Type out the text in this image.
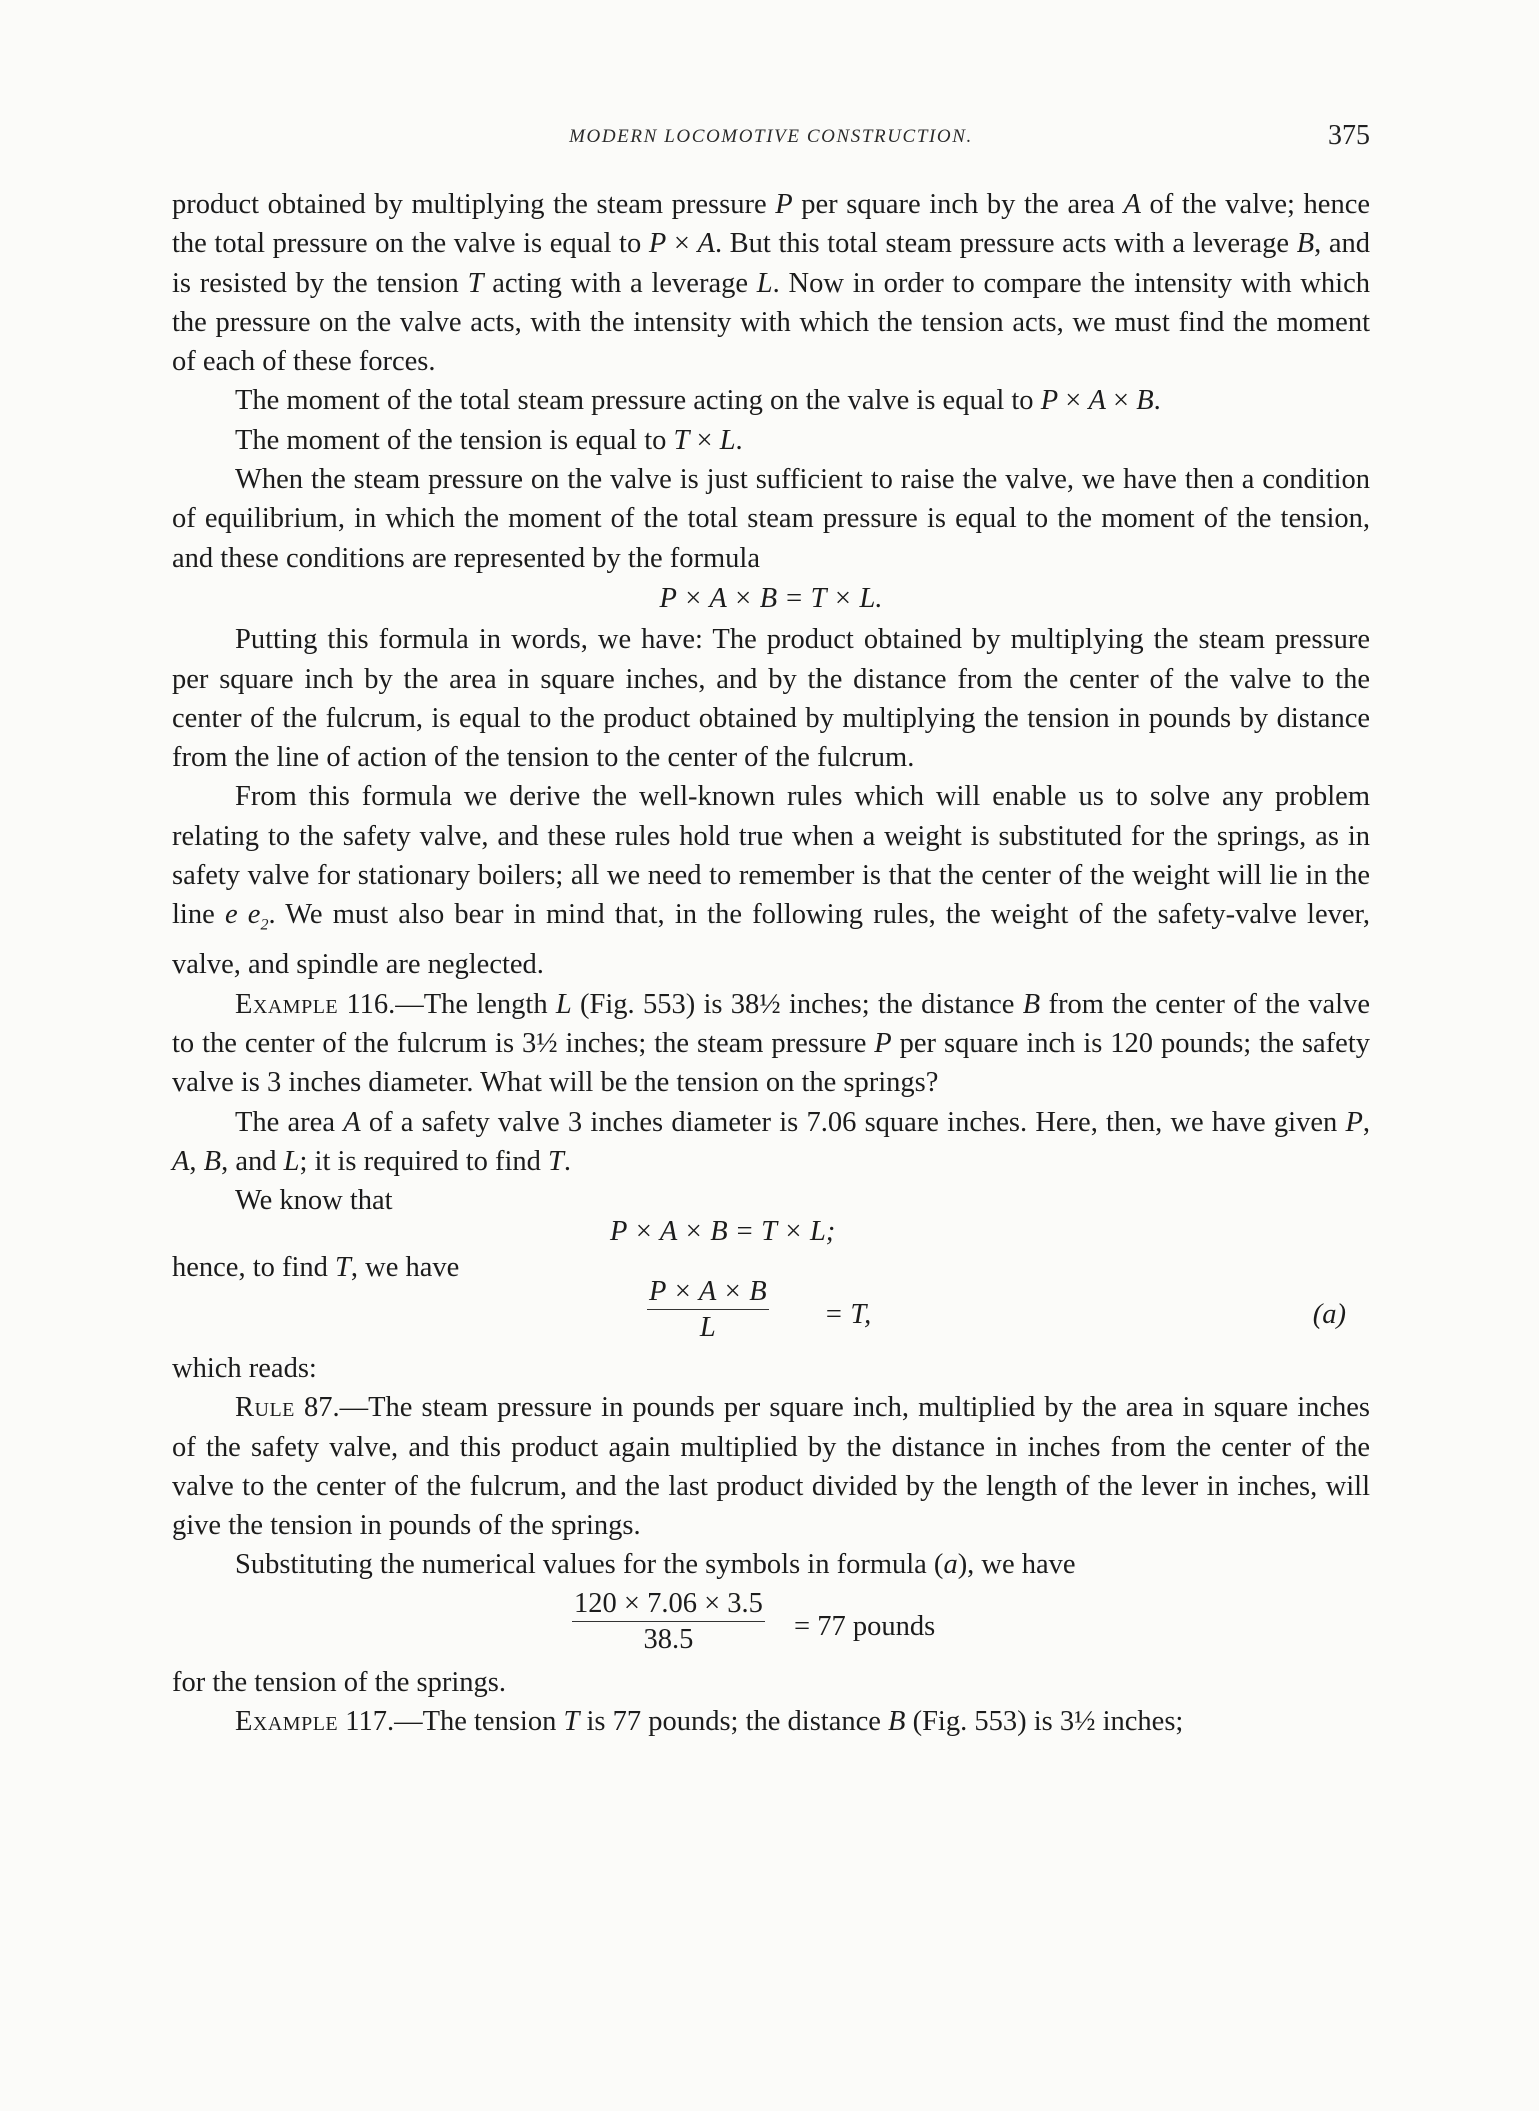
MODERN LOCOMOTIVE CONSTRUCTION.	375

product obtained by multiplying the steam pressure P per square inch by the area A of the valve; hence the total pressure on the valve is equal to P × A. But this total steam pressure acts with a leverage B, and is resisted by the tension T acting with a leverage L. Now in order to compare the intensity with which the pressure on the valve acts, with the intensity with which the tension acts, we must find the moment of each of these forces.

The moment of the total steam pressure acting on the valve is equal to P × A × B.

The moment of the tension is equal to T × L.

When the steam pressure on the valve is just sufficient to raise the valve, we have then a condition of equilibrium, in which the moment of the total steam pressure is equal to the moment of the tension, and these conditions are represented by the formula

P × A × B = T × L.

Putting this formula in words, we have: The product obtained by multiplying the steam pressure per square inch by the area in square inches, and by the distance from the center of the valve to the center of the fulcrum, is equal to the product obtained by multiplying the tension in pounds by distance from the line of action of the tension to the center of the fulcrum.

From this formula we derive the well-known rules which will enable us to solve any problem relating to the safety valve, and these rules hold true when a weight is substituted for the springs, as in safety valve for stationary boilers; all we need to remember is that the center of the weight will lie in the line e $e_2$. We must also bear in mind that, in the following rules, the weight of the safety-valve lever, valve, and spindle are neglected.

Example 116.—The length L (Fig. 553) is 38½ inches; the distance B from the center of the valve to the center of the fulcrum is 3½ inches; the steam pressure P per square inch is 120 pounds; the safety valve is 3 inches diameter. What will be the tension on the springs?

The area A of a safety valve 3 inches diameter is 7.06 square inches. Here, then, we have given P, A, B, and L; it is required to find T.

We know that

P × A × B = T × L;

hence, to find T, we have

$\frac{P \times A \times B}{L} = T$,	(a)

which reads:

Rule 87.—The steam pressure in pounds per square inch, multiplied by the area in square inches of the safety valve, and this product again multiplied by the distance in inches from the center of the valve to the center of the fulcrum, and the last product divided by the length of the lever in inches, will give the tension in pounds of the springs.

Substituting the numerical values for the symbols in formula (a), we have

$\frac{120 \times 7.06 \times 3.5}{38.5} = 77$ pounds

for the tension of the springs.

Example 117.—The tension T is 77 pounds; the distance B (Fig. 553) is 3½ inches;
